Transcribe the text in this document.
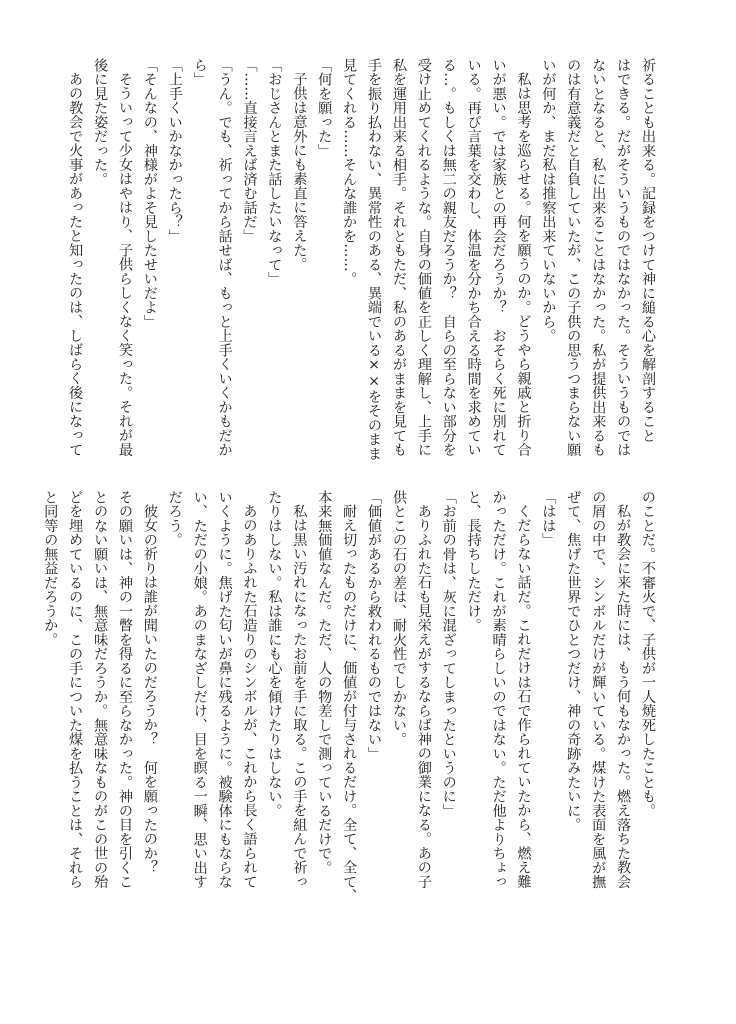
祈ることも出来る。記録をつけて神に縋る心を解剖すること
はできる。だがそういうものではなかった。そういうものでは
ないとなると、私に出来ることはなかった。私が提供出来るも
のは有意義だと自負していたが、この子供の思うつまらない願
いが何か、まだ私は推察出来ていないから。
私は思考を巡らせる。何を願うのか。どうやら親戚と折り合
いが悪い。では家族との再会だろうか？　おそらく死に別れて
いる。再び言葉を交わし、体温を分かち合える時間を求めてい
る…。もしくは無二の親友だろうか？　自らの至らない部分を
受け止めてくれるような。自身の価値を正しく理解し、上手に
私を運用出来る相手。それともただ、私のあるがままを見ても
手を振り払わない、異常性のある、異端でいる××をそのまま
見てくれる……そんな誰かを……。
「何を願った」
子供は意外にも素直に答えた。
「おじさんとまた話したいなって」
「……直接言えば済む話だ」
「うん。でも、祈ってから話せば、もっと上手くいくかもだか
ら」
「上手くいかなかったら？」
「そんなの、神様がよそ見したせいだよ」
そういって少女はやはり、子供らしくなく笑った。それが最
後に見た姿だった。
あの教会で火事があったと知ったのは、しばらく後になって
のことだ。不審火で、子供が一人焼死したことも。
私が教会に来た時には、もう何もなかった。燃え落ちた教会
の屑の中で、シンボルだけが輝いている。煤けた表面を風が撫
ぜて、焦げた世界でひとつだけ、神の奇跡みたいに。
「はは」
くだらない話だ。これだけは石で作られていたから、燃え難
かっただけ。これが素晴らしいのではない。ただ他よりちょっ
と、長持ちしただけ。
「お前の骨は、灰に混ざってしまったというのに」
ありふれた石も見栄えがするならば神の御業になる。あの子
供とこの石の差は、耐火性でしかない。
「価値があるから救われるものではない」
耐え切ったものだけに、価値が付与されるだけ。全て、全て、
本来無価値なんだ。ただ、人の物差しで測っているだけで。
私は黒い汚れになったお前を手に取る。この手を組んで祈っ
たりはしない。私は誰にも心を傾けたりはしない。
あのありふれた石造りのシンボルが、これから長く語られて
いくように。焦げた匂いが鼻に残るように。被験体にもならな
い、ただの小娘。あのまなざしだけ、目を瞑る一瞬、思い出す
だろう。
彼女の祈りは誰が聞いたのだろうか？　何を願ったのか？
その願いは、神の一瞥を得るに至らなかった。神の目を引くこ
とのない願いは、無意味だろうか。無意味なものがこの世の殆
どを埋めているのに、この手についた煤を払うことは、それら
と同等の無益だろうか。
